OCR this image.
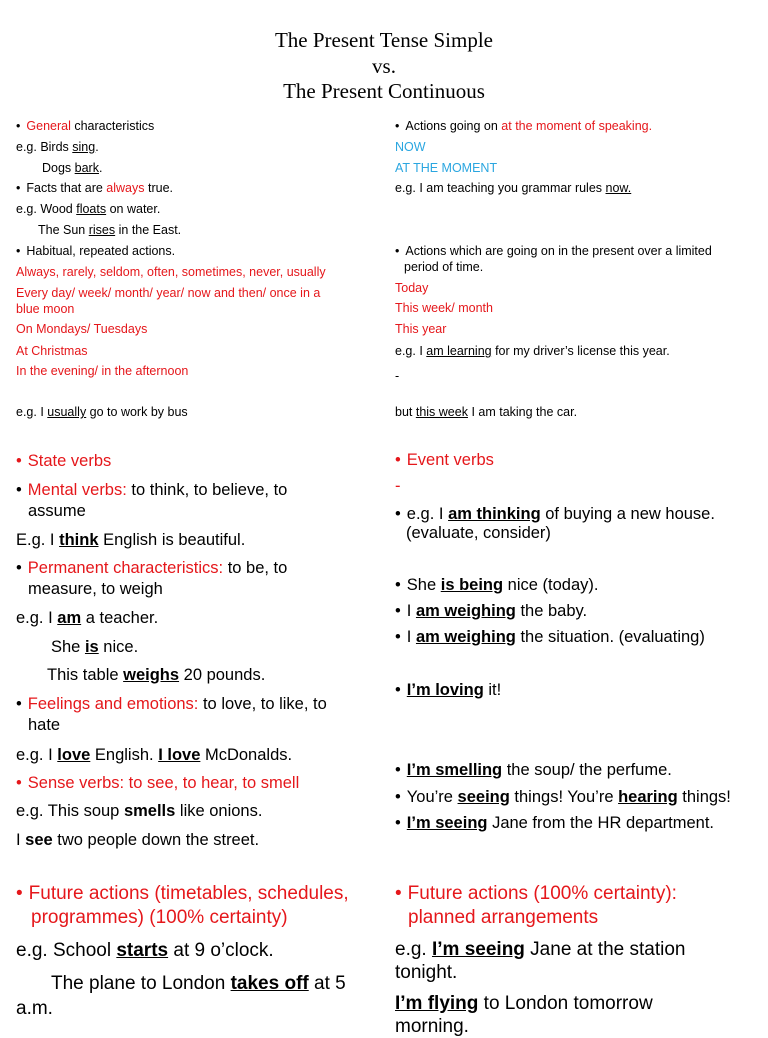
The Present Tense Simple
vs.
The Present Continuous
• General characteristics
e.g. Birds sing.
Dogs bark.
• Facts that are always true.
e.g. Wood floats on water.
The Sun rises in the East.
• Habitual, repeated actions.
Always, rarely, seldom, often, sometimes, never, usually
Every day/ week/ month/ year/ now and then/ once in a
blue moon
On Mondays/ Tuesdays
At Christmas
In the evening/ in the afternoon
e.g. I usually go to work by bus
• Actions going on at the moment of speaking.
NOW
AT THE MOMENT
e.g. I am teaching you grammar rules now.
• Actions which are going on in the present over a limited
period of time.
Today
This week/ month
This year
e.g. I am learning for my driver’s license this year.
-
but this week I am taking the car.
• State verbs
• Mental verbs: to think, to believe, to
assume
E.g. I think English is beautiful.
• Permanent characteristics: to be, to
measure, to weigh
e.g. I am a teacher.
She is nice.
This table weighs 20 pounds.
• Feelings and emotions: to love, to like, to
hate
e.g. I love English. I love McDonalds.
• Sense verbs: to see, to hear, to smell
e.g. This soup smells like onions.
I see two people down the street.
• Event verbs
-
• e.g. I am thinking of buying a new house.
(evaluate, consider)
• She is being nice (today).
• I am weighing the baby.
• I am weighing the situation. (evaluating)
• I’m loving it!
• I’m smelling the soup/ the perfume.
• You’re seeing things! You’re hearing things!
• I’m seeing Jane from the HR department.
• Future actions (timetables, schedules,
programmes) (100% certainty)
e.g. School starts at 9 o’clock.
The plane to London takes off at 5
a.m.
• Future actions (100% certainty):
planned arrangements
e.g. I’m seeing Jane at the station
tonight.
I’m flying to London tomorrow
morning.
